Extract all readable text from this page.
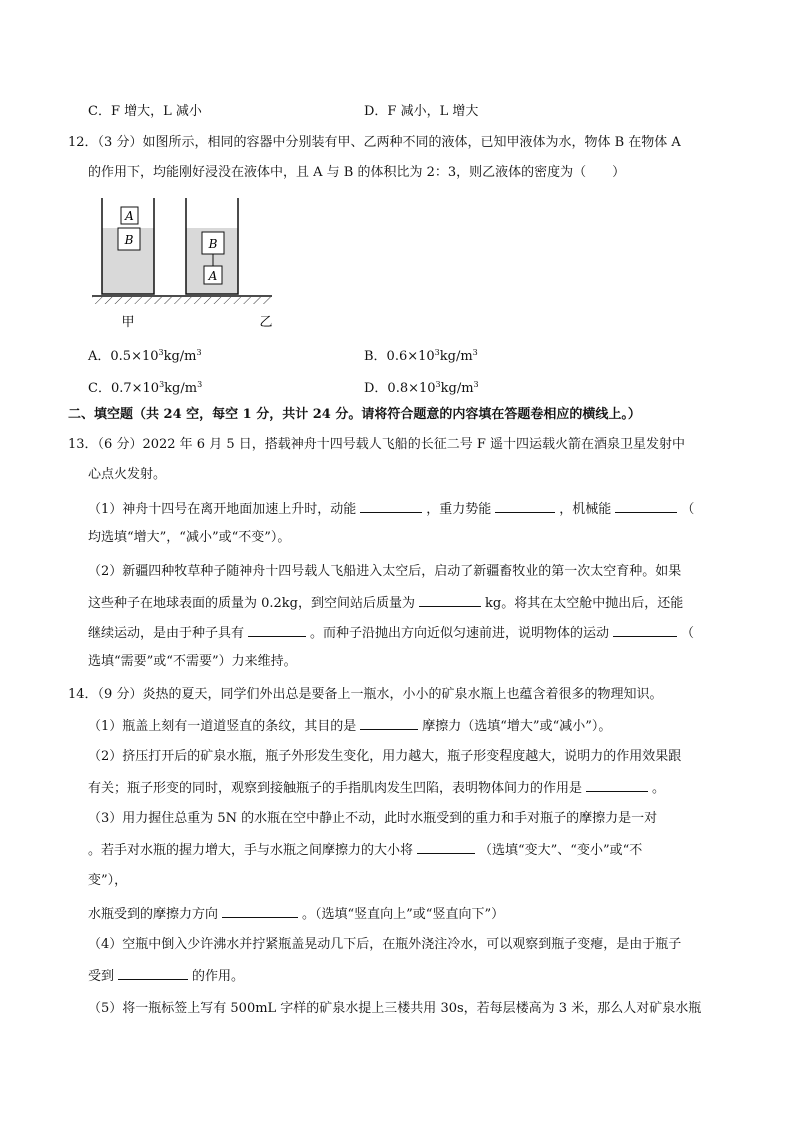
C．F 增大，L 减小	D．F 减小，L 增大
12．（3 分）如图所示，相同的容器中分别装有甲、乙两种不同的液体，已知甲液体为水，物体 B 在物体 A
的作用下，均能刚好浸没在液体中，且 A 与 B 的体积比为 2：3，则乙液体的密度为（　　）
B
A
B
A
甲	乙
A．$0.5\times 10^3kg/m^3$	B．$0.6\times 10^3kg/m^3$
C．$0.7\times 10^3kg/m^3$	D．$0.8\times 10^3kg/m^3$
二、填空题（共 24 空，每空 1 分，共计 24 分。请将符合题意的内容填在答题卷相应的横线上。）
13．（6 分）2022 年 6 月 5 日，搭载神舟十四号载人飞船的长征二号 F 遥十四运载火箭在酒泉卫星发射中
心点火发射。
（1）神舟十四号在离开地面加速上升时，动能	，重力势能	，机械能	（
均选填“增大”，“减小”或“不变”）。
（2）新疆四种牧草种子随神舟十四号载人飞船进入太空后，启动了新疆畜牧业的第一次太空育种。如果
这些种子在地球表面的质量为 0.2kg，到空间站后质量为	kg。将其在太空舱中抛出后，还能
继续运动，是由于种子具有	。而种子沿抛出方向近似匀速前进，说明物体的运动	（
选填“需要”或“不需要”）力来维持。
14．（9 分）炎热的夏天，同学们外出总是要备上一瓶水，小小的矿泉水瓶上也蕴含着很多的物理知识。
（1）瓶盖上刻有一道道竖直的条纹，其目的是	摩擦力（选填“增大”或“减小”）。
（2）挤压打开后的矿泉水瓶，瓶子外形发生变化，用力越大，瓶子形变程度越大，说明力的作用效果跟
有关；瓶子形变的同时，观察到接触瓶子的手指肌肉发生凹陷，表明物体间力的作用是	。
（3）用力握住总重为 5N 的水瓶在空中静止不动，此时水瓶受到的重力和手对瓶子的摩擦力是一对
。若手对水瓶的握力增大，手与水瓶之间摩擦力的大小将	（选填“变大”、“变小”或“不
变”），
水瓶受到的摩擦力方向	。（选填“竖直向上”或“竖直向下”）
（4）空瓶中倒入少许沸水并拧紧瓶盖晃动几下后，在瓶外浇注冷水，可以观察到瓶子变瘪，是由于瓶子
受到	的作用。
（5）将一瓶标签上写有 500mL 字样的矿泉水提上三楼共用 30s，若每层楼高为 3 米，那么人对矿泉水瓶
